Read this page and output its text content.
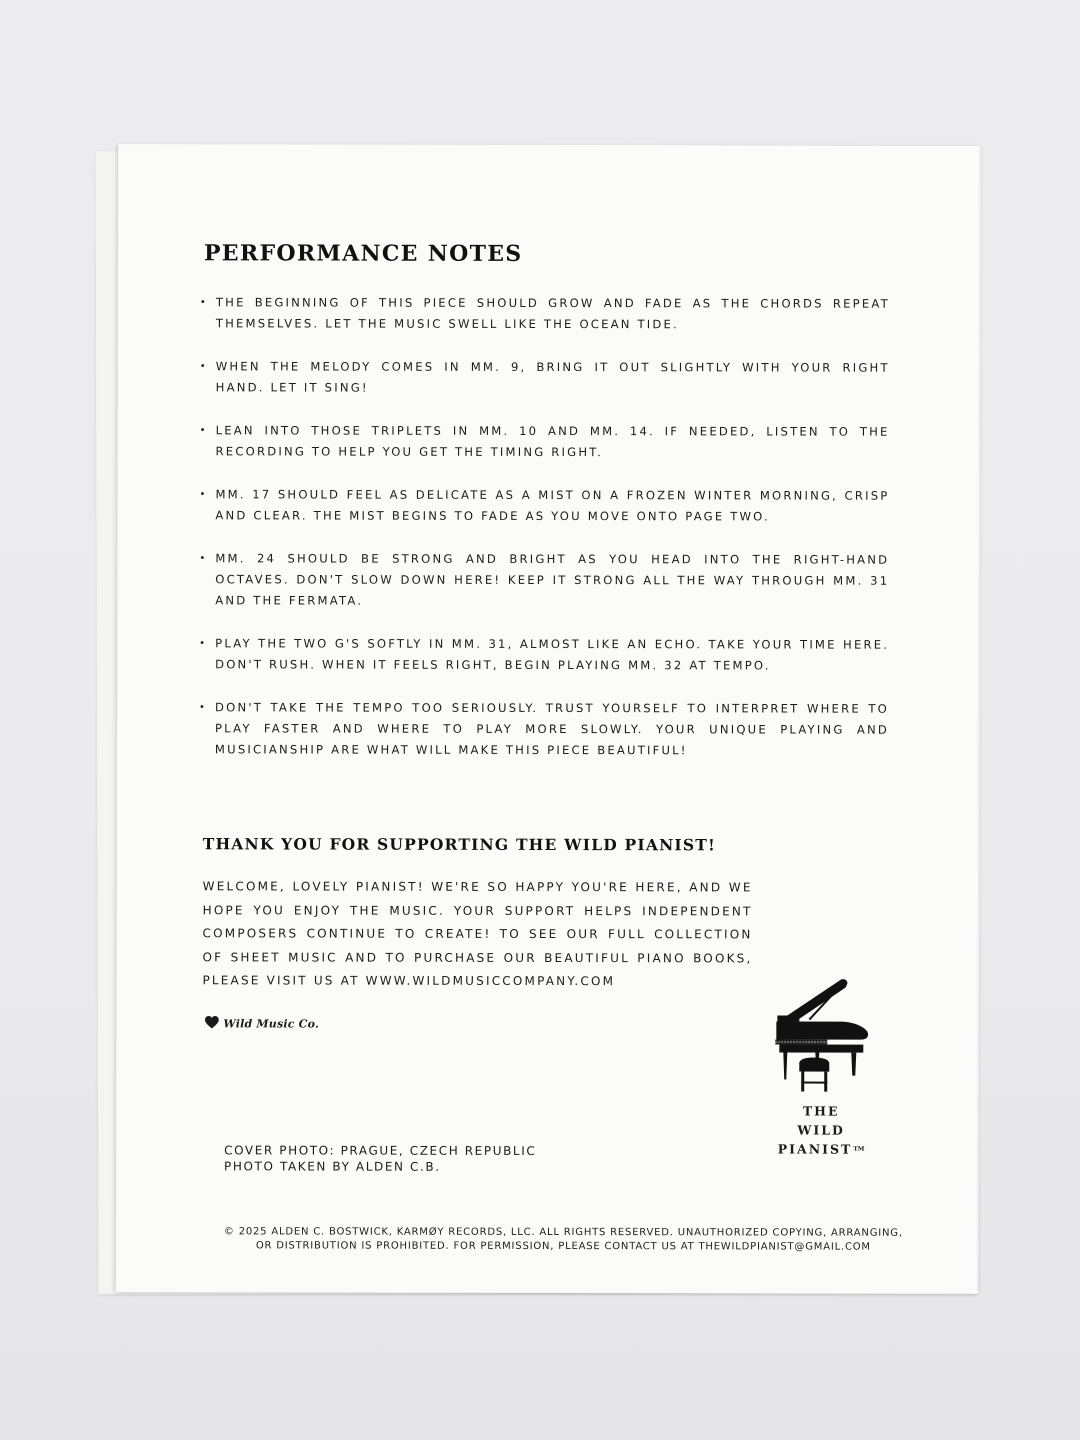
PERFORMANCE NOTES
• THE BEGINNING OF THIS PIECE SHOULD GROW AND FADE AS THE CHORDS REPEAT THEMSELVES. LET THE MUSIC SWELL LIKE THE OCEAN TIDE.
• WHEN THE MELODY COMES IN MM. 9, BRING IT OUT SLIGHTLY WITH YOUR RIGHT HAND. LET IT SING!
• LEAN INTO THOSE TRIPLETS IN MM. 10 AND MM. 14. IF NEEDED, LISTEN TO THE RECORDING TO HELP YOU GET THE TIMING RIGHT.
• MM. 17 SHOULD FEEL AS DELICATE AS A MIST ON A FROZEN WINTER MORNING, CRISP AND CLEAR. THE MIST BEGINS TO FADE AS YOU MOVE ONTO PAGE TWO.
• MM. 24 SHOULD BE STRONG AND BRIGHT AS YOU HEAD INTO THE RIGHT-HAND OCTAVES. DON'T SLOW DOWN HERE! KEEP IT STRONG ALL THE WAY THROUGH MM. 31 AND THE FERMATA.
• PLAY THE TWO G'S SOFTLY IN MM. 31, ALMOST LIKE AN ECHO. TAKE YOUR TIME HERE. DON'T RUSH. WHEN IT FEELS RIGHT, BEGIN PLAYING MM. 32 AT TEMPO.
• DON'T TAKE THE TEMPO TOO SERIOUSLY. TRUST YOURSELF TO INTERPRET WHERE TO PLAY FASTER AND WHERE TO PLAY MORE SLOWLY. YOUR UNIQUE PLAYING AND MUSICIANSHIP ARE WHAT WILL MAKE THIS PIECE BEAUTIFUL!
THANK YOU FOR SUPPORTING THE WILD PIANIST!

WELCOME, LOVELY PIANIST! WE'RE SO HAPPY YOU'RE HERE, AND WE HOPE YOU ENJOY THE MUSIC. YOUR SUPPORT HELPS INDEPENDENT COMPOSERS CONTINUE TO CREATE! TO SEE OUR FULL COLLECTION OF SHEET MUSIC AND TO PURCHASE OUR BEAUTIFUL PIANO BOOKS, PLEASE VISIT US AT WWW.WILDMUSICCOMPANY.COM

Wild Music Co.
COVER PHOTO: PRAGUE, CZECH REPUBLIC
PHOTO TAKEN BY ALDEN C.B.
THE
WILD
PIANIST™
© 2025 ALDEN C. BOSTWICK, KARMØY RECORDS, LLC. ALL RIGHTS RESERVED. UNAUTHORIZED COPYING, ARRANGING,
OR DISTRIBUTION IS PROHIBITED. FOR PERMISSION, PLEASE CONTACT US AT THEWILDPIANIST@GMAIL.COM
